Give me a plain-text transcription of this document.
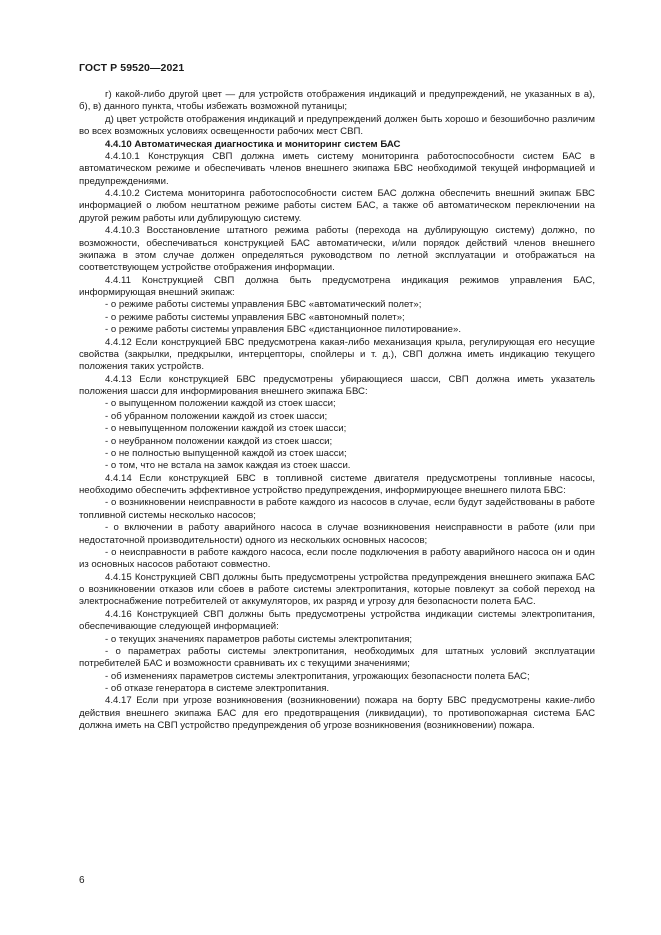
ГОСТ Р 59520—2021

г) какой-либо другой цвет — для устройств отображения индикаций и предупреждений, не указанных в а), б), в) данного пункта, чтобы избежать возможной путаницы;

д) цвет устройств отображения индикаций и предупреждений должен быть хорошо и безошибочно различим во всех возможных условиях освещенности рабочих мест СВП.

4.4.10 Автоматическая диагностика и мониторинг систем БАС

4.4.10.1 Конструкция СВП должна иметь систему мониторинга работоспособности систем БАС в автоматическом режиме и обеспечивать членов внешнего экипажа БВС необходимой текущей информацией и предупреждениями.

4.4.10.2 Система мониторинга работоспособности систем БАС должна обеспечить внешний экипаж БВС информацией о любом нештатном режиме работы систем БАС, а также об автоматическом переключении на другой режим работы или дублирующую систему.

4.4.10.3 Восстановление штатного режима работы (перехода на дублирующую систему) должно, по возможности, обеспечиваться конструкцией БАС автоматически, и/или порядок действий членов внешнего экипажа в этом случае должен определяться руководством по летной эксплуатации и отображаться на соответствующем устройстве отображения информации.

4.4.11 Конструкцией СВП должна быть предусмотрена индикация режимов управления БАС, информирующая внешний экипаж:

- о режиме работы системы управления БВС «автоматический полет»;

- о режиме работы системы управления БВС «автономный полет»;

- о режиме работы системы управления БВС «дистанционное пилотирование».

4.4.12 Если конструкцией БВС предусмотрена какая-либо механизация крыла, регулирующая его несущие свойства (закрылки, предкрылки, интерцепторы, спойлеры и т. д.), СВП должна иметь индикацию текущего положения таких устройств.

4.4.13 Если конструкцией БВС предусмотрены убирающиеся шасси, СВП должна иметь указатель положения шасси для информирования внешнего экипажа БВС:

- о выпущенном положении каждой из стоек шасси;

- об убранном положении каждой из стоек шасси;

- о невыпущенном положении каждой из стоек шасси;

- о неубранном положении каждой из стоек шасси;

- о не полностью выпущенной каждой из стоек шасси;

- о том, что не встала на замок каждая из стоек шасси.

4.4.14 Если конструкцией БВС в топливной системе двигателя предусмотрены топливные насосы, необходимо обеспечить эффективное устройство предупреждения, информирующее внешнего пилота БВС:

- о возникновении неисправности в работе каждого из насосов в случае, если будут задействованы в работе топливной системы несколько насосов;

- о включении в работу аварийного насоса в случае возникновения неисправности в работе (или при недостаточной производительности) одного из нескольких основных насосов;

- о неисправности в работе каждого насоса, если после подключения в работу аварийного насоса он и один из основных насосов работают совместно.

4.4.15 Конструкцией СВП должны быть предусмотрены устройства предупреждения внешнего экипажа БАС о возникновении отказов или сбоев в работе системы электропитания, которые повлекут за собой переход на электроснабжение потребителей от аккумуляторов, их разряд и угрозу для безопасности полета БАС.

4.4.16 Конструкцией СВП должны быть предусмотрены устройства индикации системы электропитания, обеспечивающие следующей информацией:

- о текущих значениях параметров работы системы электропитания;

- о параметрах работы системы электропитания, необходимых для штатных условий эксплуатации потребителей БАС и возможности сравнивать их с текущими значениями;

- об изменениях параметров системы электропитания, угрожающих безопасности полета БАС;

- об отказе генератора в системе электропитания.

4.4.17 Если при угрозе возникновения (возникновении) пожара на борту БВС предусмотрены какие-либо действия внешнего экипажа БАС для его предотвращения (ликвидации), то противопожарная система БАС должна иметь на СВП устройство предупреждения об угрозе возникновения (возникновении) пожара.

6
